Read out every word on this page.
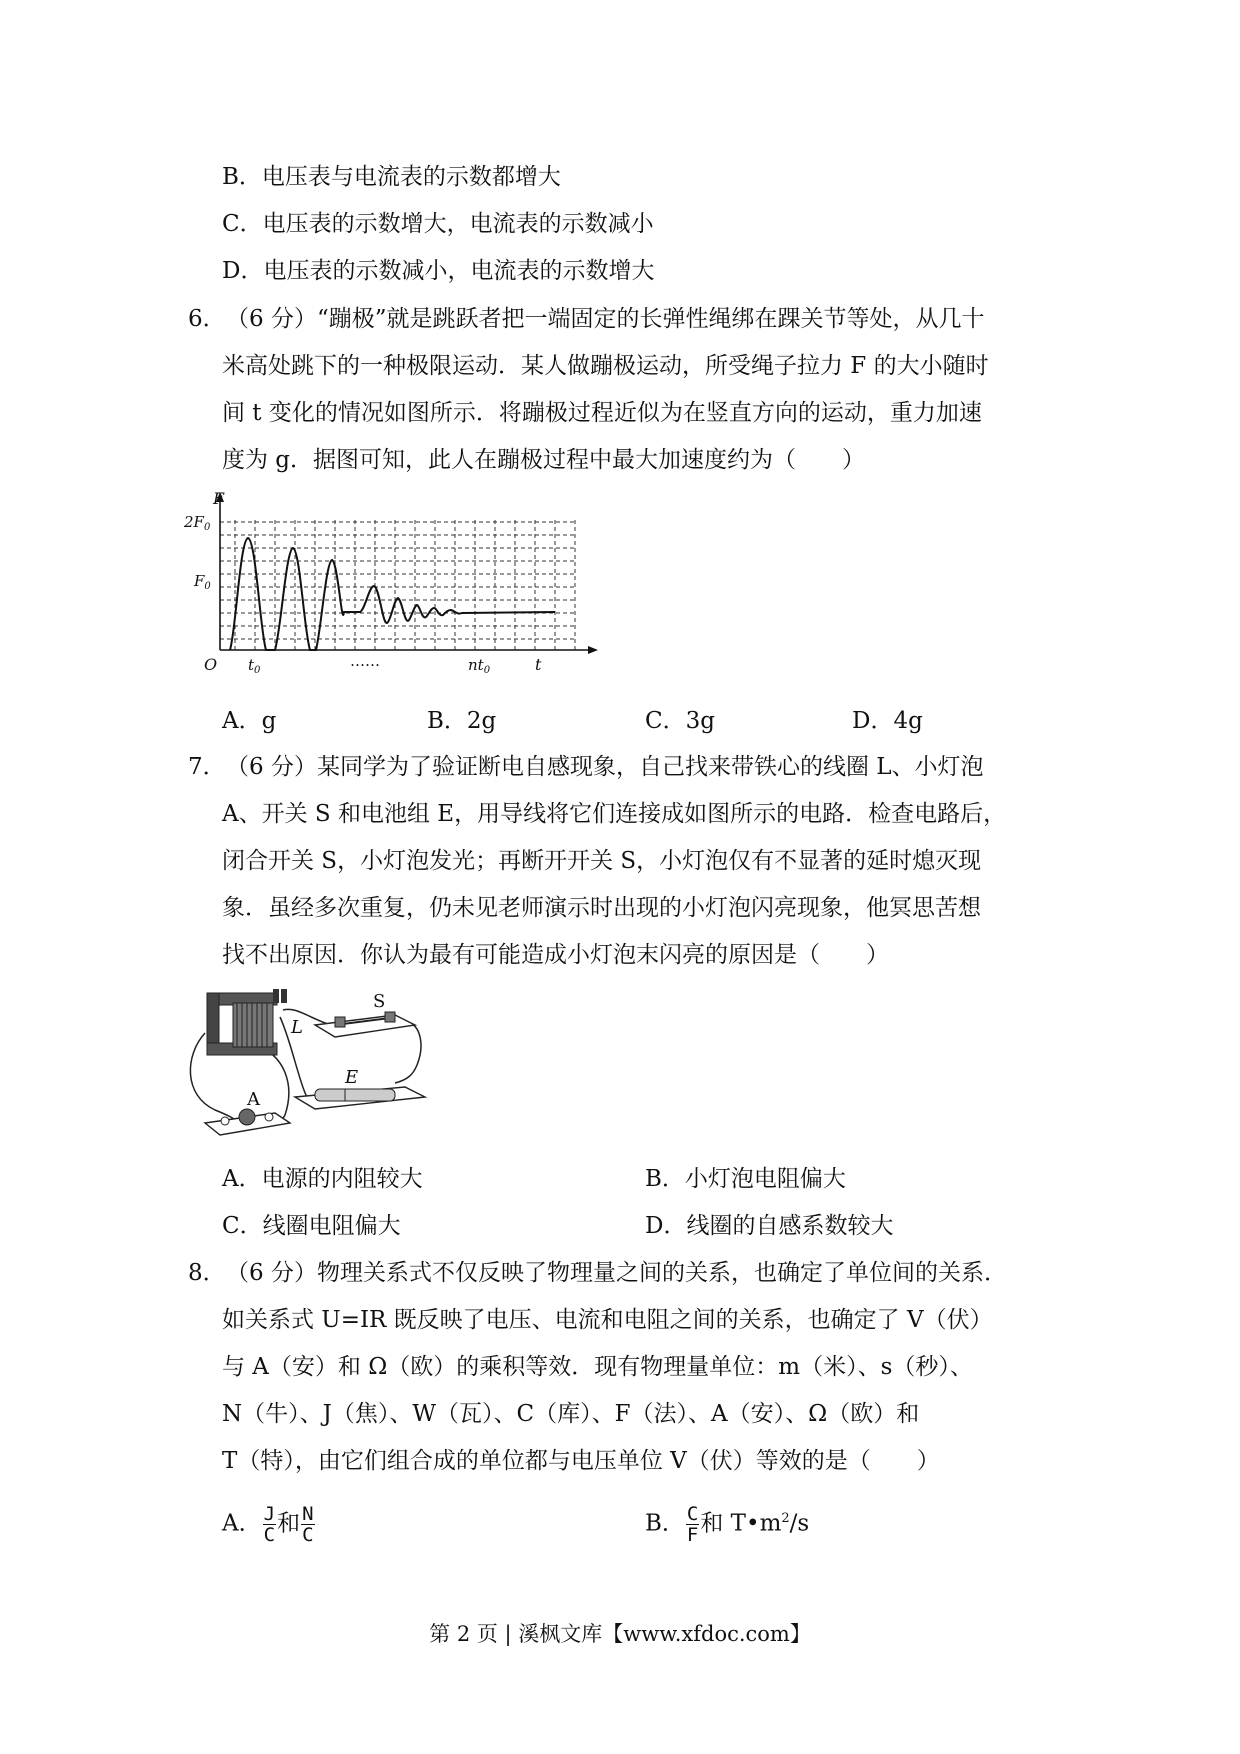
B．电压表与电流表的示数都增大
C．电压表的示数增大，电流表的示数减小
D．电压表的示数减小，电流表的示数增大
6． （6 分）“蹦极”就是跳跃者把一端固定的长弹性绳绑在踝关节等处，从几十
米高处跳下的一种极限运动．某人做蹦极运动，所受绳子拉力 F 的大小随时
间 t 变化的情况如图所示．将蹦极过程近似为在竖直方向的运动，重力加速
度为 g．据图可知，此人在蹦极过程中最大加速度约为（　　）
F
$2F_0$
$F_0$
O $t_0$
……	$nt_0$	t
A．g	B．2g	C．3g	D．4g
7． （6 分）某同学为了验证断电自感现象，自己找来带铁心的线圈 L、小灯泡
A、开关 S 和电池组 E，用导线将它们连接成如图所示的电路．检查电路后，
闭合开关 S，小灯泡发光；再断开开关 S，小灯泡仅有不显著的延时熄灭现
象．虽经多次重复，仍未见老师演示时出现的小灯泡闪亮现象，他冥思苦想
找不出原因．你认为最有可能造成小灯泡末闪亮的原因是（　　）
L
S
E
A
A．电源的内阻较大	B．小灯泡电阻偏大
C．线圈电阻偏大	D．线圈的自感系数较大
8． （6 分）物理关系式不仅反映了物理量之间的关系，也确定了单位间的关系．
如关系式 U=IR 既反映了电压、电流和电阻之间的关系，也确定了 V（伏）
与 A（安）和 Ω（欧）的乘积等效．现有物理量单位：m（米）、s（秒）、
N（牛）、J（焦）、W（瓦）、C（库）、F（法）、A（安）、Ω（欧）和
T（特），由它们组合成的单位都与电压单位 V（伏）等效的是（　　）
A． $\frac{J}{C}$ 和 $\frac{N}{C}$	B． $\frac{C}{F}$ 和 $T•m^2/s$
第 2 页 | 溪枫文库【www.xfdoc.com】
